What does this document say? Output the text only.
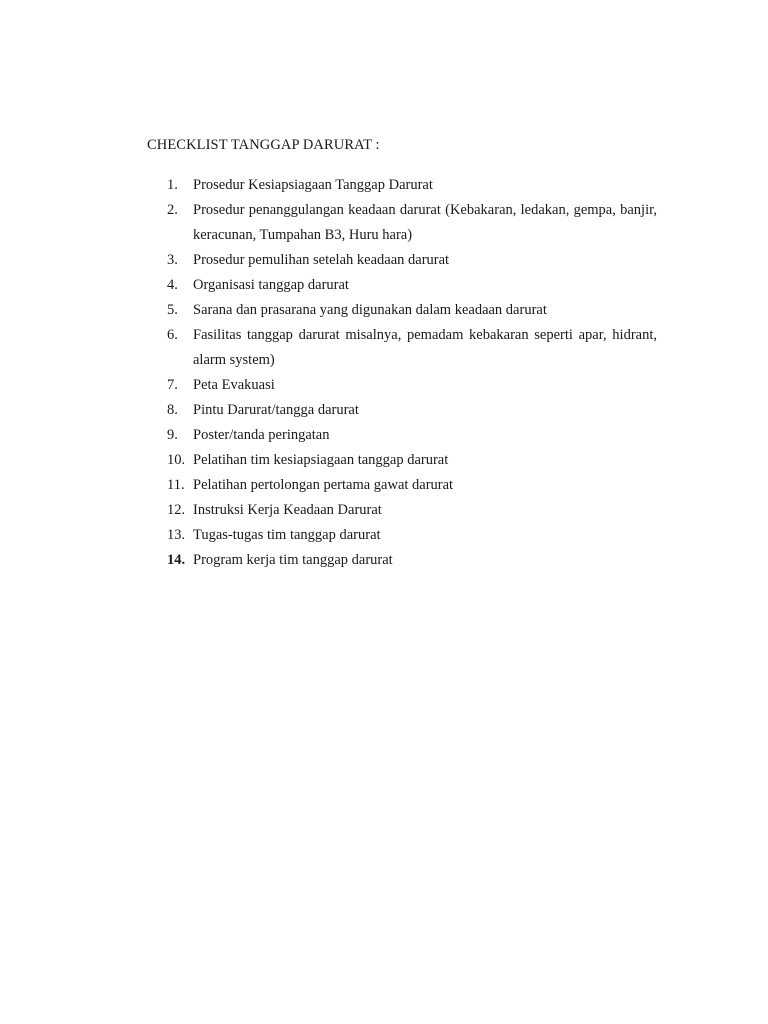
CHECKLIST TANGGAP DARURAT :
1.	Prosedur Kesiapsiagaan Tanggap Darurat
2.	Prosedur penanggulangan keadaan darurat (Kebakaran, ledakan, gempa, banjir, keracunan, Tumpahan B3, Huru hara)
3.	Prosedur pemulihan setelah keadaan darurat
4.	Organisasi tanggap darurat
5.	Sarana dan prasarana yang digunakan dalam keadaan darurat
6.	Fasilitas tanggap darurat misalnya, pemadam kebakaran seperti apar, hidrant, alarm system)
7.	Peta Evakuasi
8.	Pintu Darurat/tangga darurat
9.	Poster/tanda peringatan
10. Pelatihan tim kesiapsiagaan tanggap darurat
11. Pelatihan pertolongan pertama gawat darurat
12. Instruksi Kerja Keadaan Darurat
13. Tugas-tugas tim tanggap darurat
14. Program kerja tim tanggap darurat
